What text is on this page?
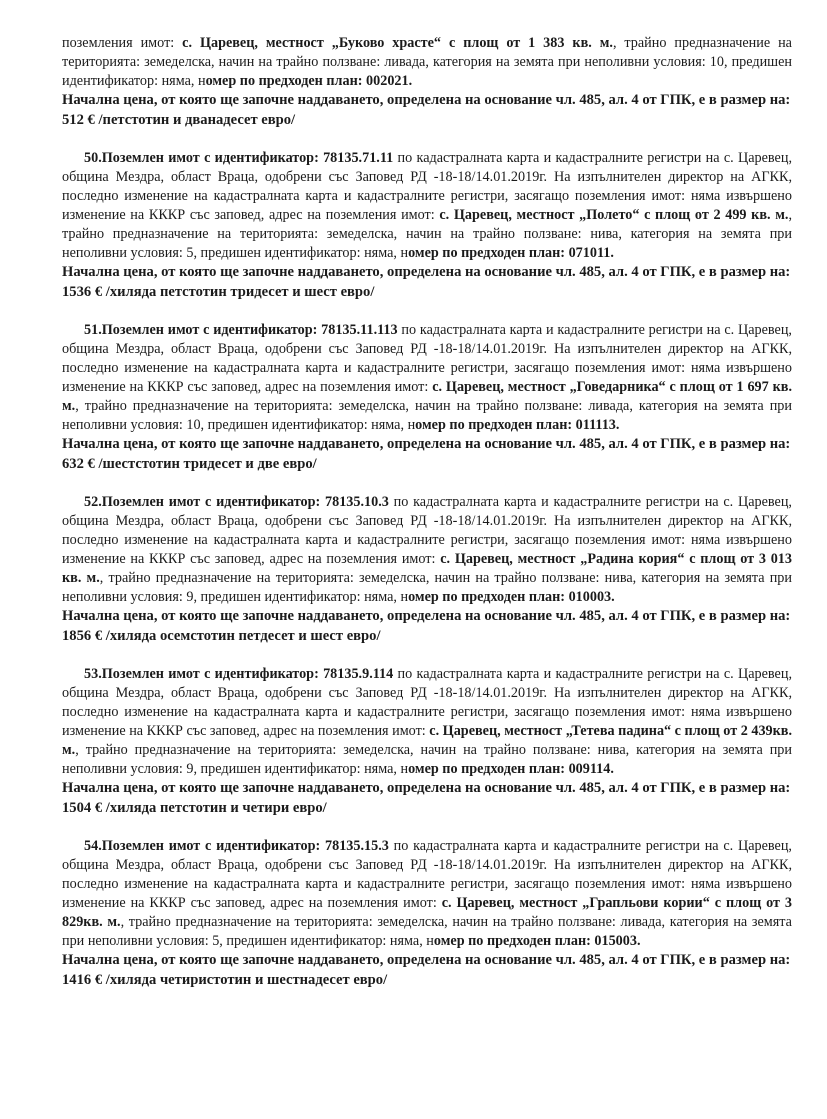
поземления имот: с. Царевец, местност „Буково храсте“ с площ от 1 383 кв. м., трайно предназначение на територията: земеделска, начин на трайно ползване: ливада, категория на земята при неполивни условия: 10, предишен идентификатор: няма, номер по предходен план: 002021.

Начална цена, от която ще започне наддаването, определена на основание чл. 485, ал. 4 от ГПК, е в размер на: 512 € /петстотин и дванадесет евро/

50.Поземлен имот с идентификатор: 78135.71.11 по кадастралната карта и кадастралните регистри на с. Царевец, община Мездра, област Враца, одобрени със Заповед РД -18-18/14.01.2019г. На изпълнителен директор на АГКК, последно изменение на кадастралната карта и кадастралните регистри, засягащо поземления имот: няма извършено изменение на КККР със заповед, адрес на поземления имот: с. Царевец, местност „Полето“ с площ от 2 499 кв. м., трайно предназначение на територията: земеделска, начин на трайно ползване: нива, категория на земята при неполивни условия: 5, предишен идентификатор: няма, номер по предходен план: 071011.

Начална цена, от която ще започне наддаването, определена на основание чл. 485, ал. 4 от ГПК, е в размер на: 1536 € /хиляда петстотин тридесет и шест евро/

51.Поземлен имот с идентификатор: 78135.11.113 по кадастралната карта и кадастралните регистри на с. Царевец, община Мездра, област Враца, одобрени със Заповед РД -18-18/14.01.2019г. На изпълнителен директор на АГКК, последно изменение на кадастралната карта и кадастралните регистри, засягащо поземления имот: няма извършено изменение на КККР със заповед, адрес на поземления имот: с. Царевец, местност „Говедарника“ с площ от 1 697 кв. м., трайно предназначение на територията: земеделска, начин на трайно ползване: ливада, категория на земята при неполивни условия: 10, предишен идентификатор: няма, номер по предходен план: 011113.

Начална цена, от която ще започне наддаването, определена на основание чл. 485, ал. 4 от ГПК, е в размер на: 632 € /шестстотин тридесет и две евро/

52.Поземлен имот с идентификатор: 78135.10.3 по кадастралната карта и кадастралните регистри на с. Царевец, община Мездра, област Враца, одобрени със Заповед РД -18-18/14.01.2019г. На изпълнителен директор на АГКК, последно изменение на кадастралната карта и кадастралните регистри, засягащо поземления имот: няма извършено изменение на КККР със заповед, адрес на поземления имот: с. Царевец, местност „Радина кория“ с площ от 3 013 кв. м., трайно предназначение на територията: земеделска, начин на трайно ползване: нива, категория на земята при неполивни условия: 9, предишен идентификатор: няма, номер по предходен план: 010003.

Начална цена, от която ще започне наддаването, определена на основание чл. 485, ал. 4 от ГПК, е в размер на: 1856 € /хиляда осемстотин петдесет и шест евро/

53.Поземлен имот с идентификатор: 78135.9.114 по кадастралната карта и кадастралните регистри на с. Царевец, община Мездра, област Враца, одобрени със Заповед РД -18-18/14.01.2019г. На изпълнителен директор на АГКК, последно изменение на кадастралната карта и кадастралните регистри, засягащо поземления имот: няма извършено изменение на КККР със заповед, адрес на поземления имот: с. Царевец, местност „Тетева падина“ с площ от 2 439кв. м., трайно предназначение на територията: земеделска, начин на трайно ползване: нива, категория на земята при неполивни условия: 9, предишен идентификатор: няма, номер по предходен план: 009114.

Начална цена, от която ще започне наддаването, определена на основание чл. 485, ал. 4 от ГПК, е в размер на: 1504 € /хиляда петстотин и четири евро/

54.Поземлен имот с идентификатор: 78135.15.3 по кадастралната карта и кадастралните регистри на с. Царевец, община Мездра, област Враца, одобрени със Заповед РД -18-18/14.01.2019г. На изпълнителен директор на АГКК, последно изменение на кадастралната карта и кадастралните регистри, засягащо поземления имот: няма извършено изменение на КККР със заповед, адрес на поземления имот: с. Царевец, местност „Грапльови кории“ с площ от 3 829кв. м., трайно предназначение на територията: земеделска, начин на трайно ползване: ливада, категория на земята при неполивни условия: 5, предишен идентификатор: няма, номер по предходен план: 015003.

Начална цена, от която ще започне наддаването, определена на основание чл. 485, ал. 4 от ГПК, е в размер на: 1416 € /хиляда четиристотин и шестнадесет евро/
